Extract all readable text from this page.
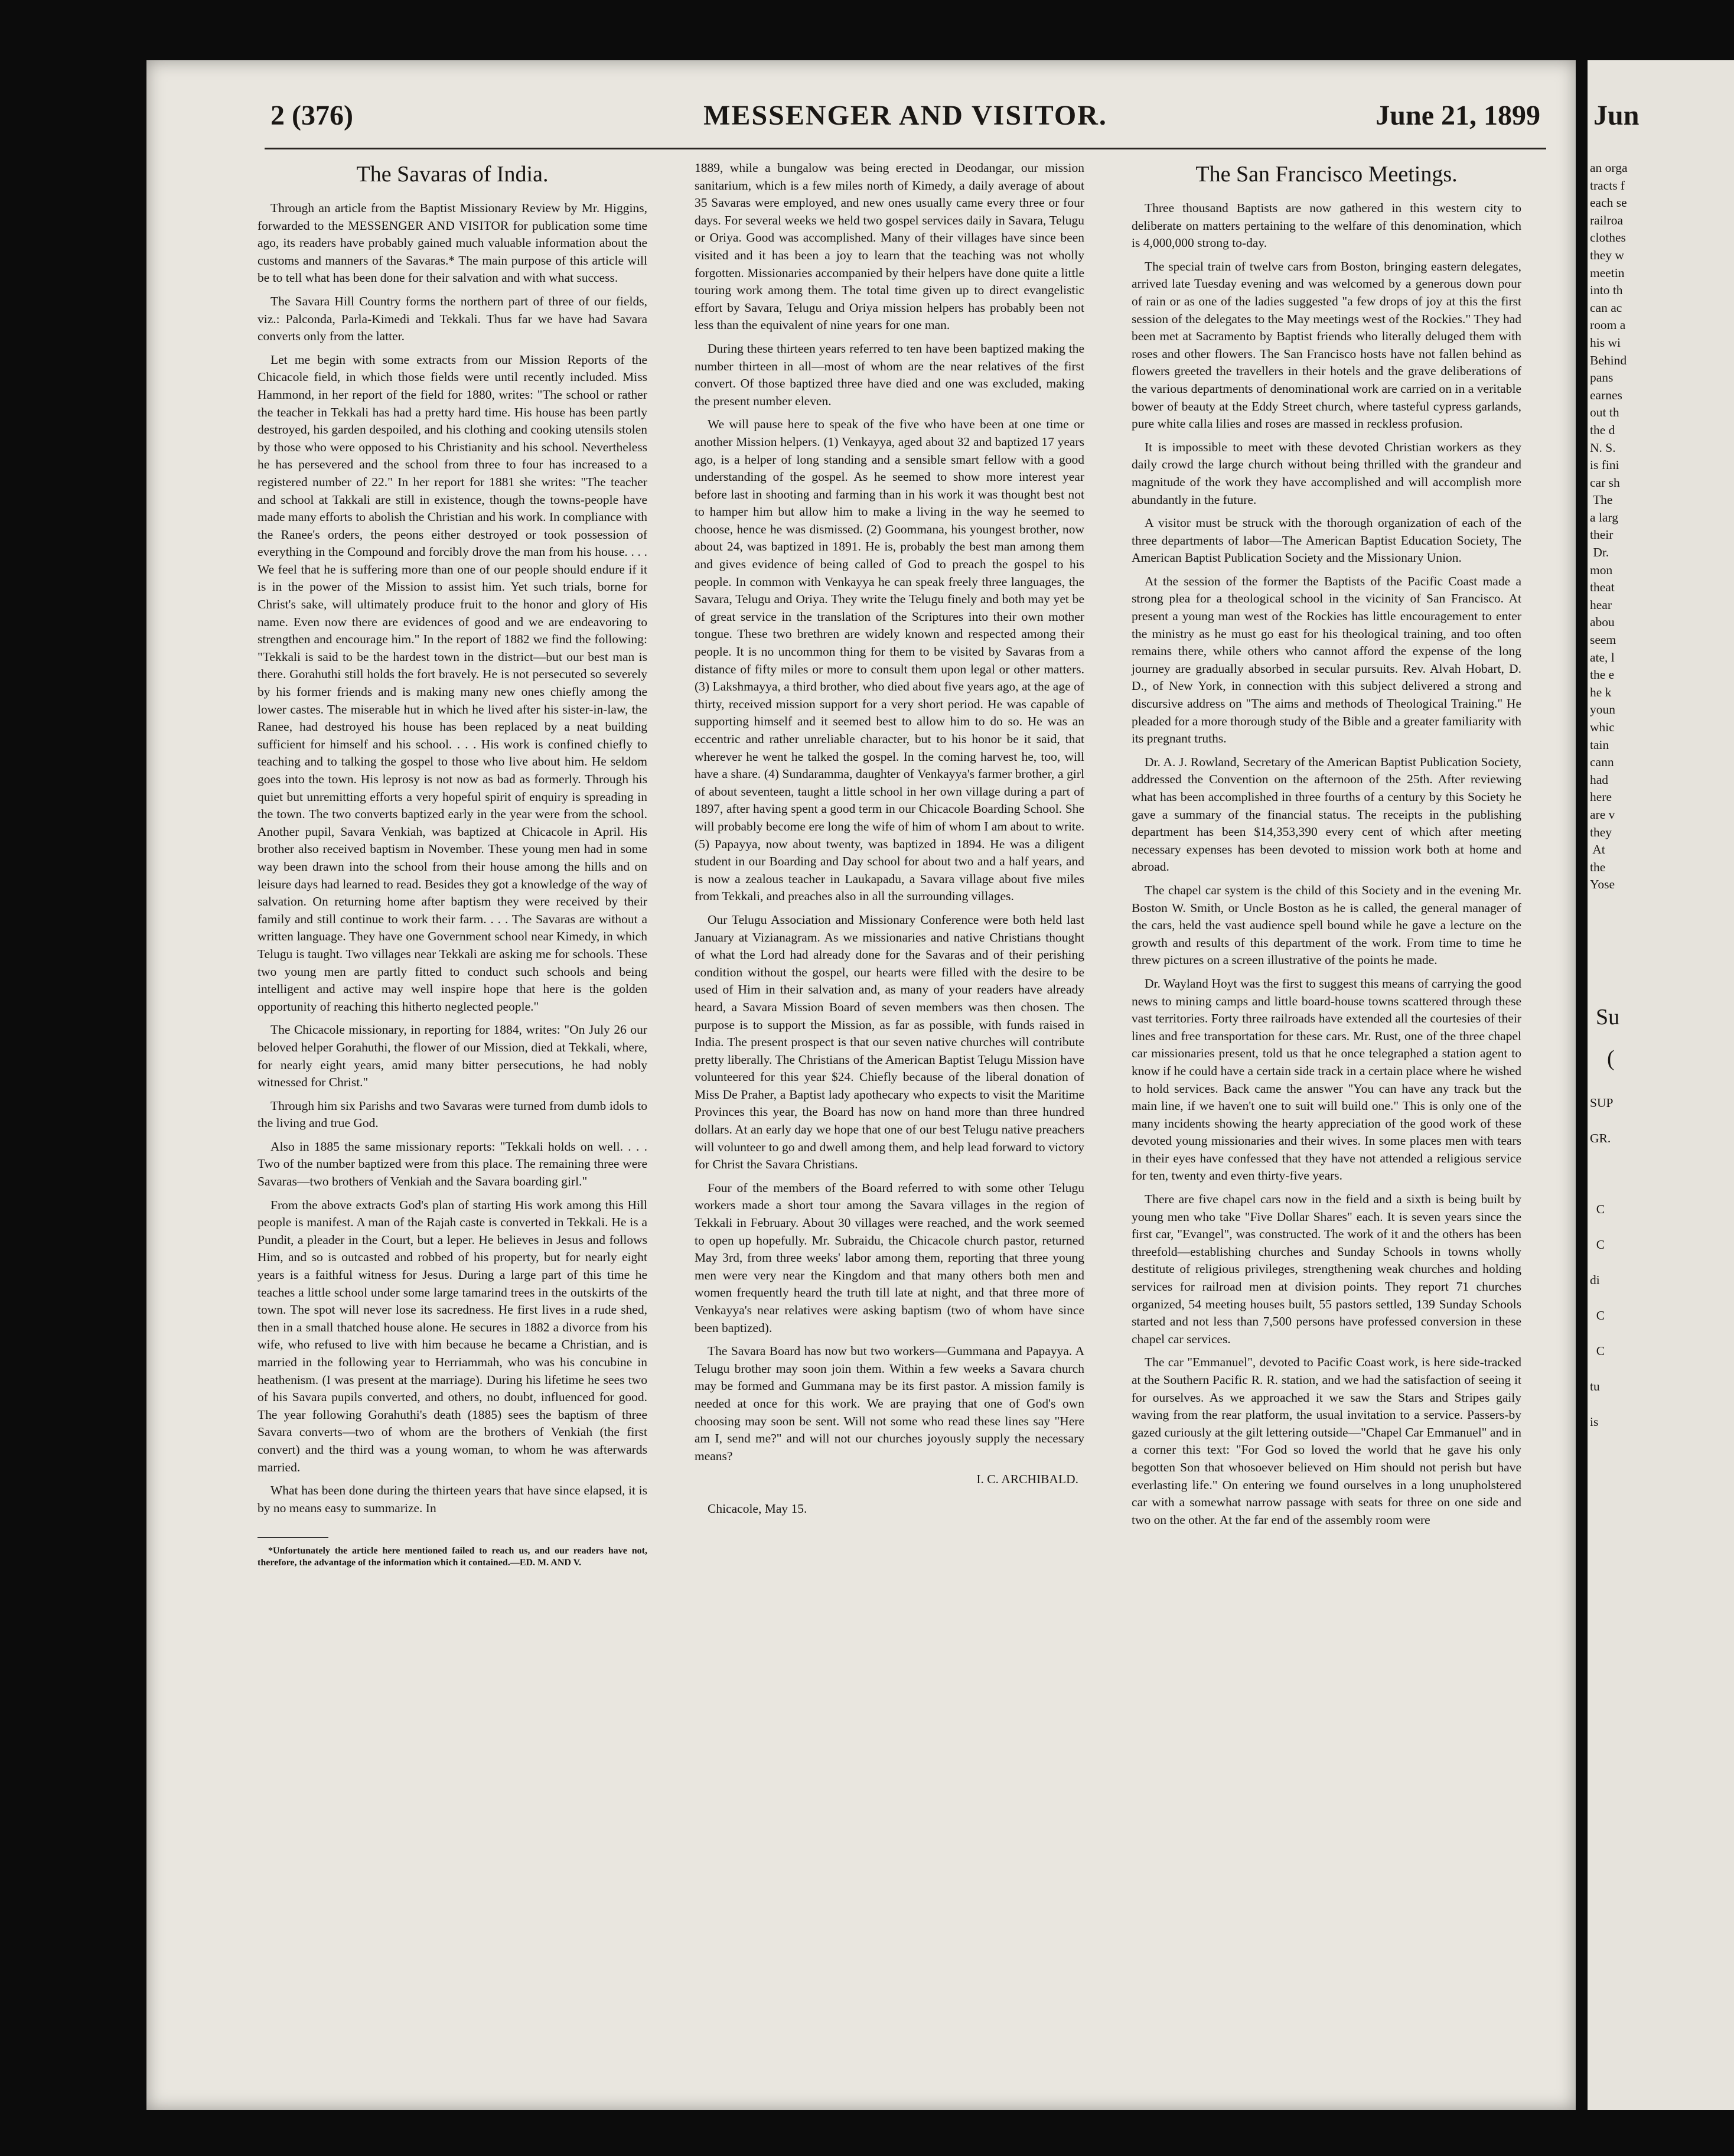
2 (376)	MESSENGER AND VISITOR.	June 21, 1899
The Savaras of India.

Through an article from the Baptist Missionary Review by Mr. Higgins, forwarded to the MESSENGER AND VISITOR for publication some time ago, its readers have probably gained much valuable information about the customs and manners of the Savaras.* The main purpose of this article will be to tell what has been done for their salvation and with what success.

The Savara Hill Country forms the northern part of three of our fields, viz.: Palconda, Parla-Kimedi and Tekkali. Thus far we have had Savara converts only from the latter.

Let me begin with some extracts from our Mission Reports of the Chicacole field, in which those fields were until recently included. Miss Hammond, in her report of the field for 1880, writes: "The school or rather the teacher in Tekkali has had a pretty hard time. His house has been partly destroyed, his garden despoiled, and his clothing and cooking utensils stolen by those who were opposed to his Christianity and his school. Nevertheless he has persevered and the school from three to four has increased to a registered number of 22." In her report for 1881 she writes: "The teacher and school at Takkali are still in existence, though the towns-people have made many efforts to abolish the Christian and his work. In compliance with the Ranee's orders, the peons either destroyed or took possession of everything in the Compound and forcibly drove the man from his house. . . . We feel that he is suffering more than one of our people should endure if it is in the power of the Mission to assist him. Yet such trials, borne for Christ's sake, will ultimately produce fruit to the honor and glory of His name. Even now there are evidences of good and we are endeavoring to strengthen and encourage him." In the report of 1882 we find the following: "Tekkali is said to be the hardest town in the district—but our best man is there. Gorahuthi still holds the fort bravely. He is not persecuted so severely by his former friends and is making many new ones chiefly among the lower castes. The miserable hut in which he lived after his sister-in-law, the Ranee, had destroyed his house has been replaced by a neat building sufficient for himself and his school. . . . His work is confined chiefly to teaching and to talking the gospel to those who live about him. He seldom goes into the town. His leprosy is not now as bad as formerly. Through his quiet but unremitting efforts a very hopeful spirit of enquiry is spreading in the town. The two converts baptized early in the year were from the school. Another pupil, Savara Venkiah, was baptized at Chicacole in April. His brother also received baptism in November. These young men had in some way been drawn into the school from their house among the hills and on leisure days had learned to read. Besides they got a knowledge of the way of salvation. On returning home after baptism they were received by their family and still continue to work their farm. . . . The Savaras are without a written language. They have one Government school near Kimedy, in which Telugu is taught. Two villages near Tekkali are asking me for schools. These two young men are partly fitted to conduct such schools and being intelligent and active may well inspire hope that here is the golden opportunity of reaching this hitherto neglected people."

The Chicacole missionary, in reporting for 1884, writes: "On July 26 our beloved helper Gorahuthi, the flower of our Mission, died at Tekkali, where, for nearly eight years, amid many bitter persecutions, he had nobly witnessed for Christ."

Through him six Parishs and two Savaras were turned from dumb idols to the living and true God.

Also in 1885 the same missionary reports: "Tekkali holds on well. . . . Two of the number baptized were from this place. The remaining three were Savaras—two brothers of Venkiah and the Savara boarding girl."

From the above extracts God's plan of starting His work among this Hill people is manifest. A man of the Rajah caste is converted in Tekkali. He is a Pundit, a pleader in the Court, but a leper. He believes in Jesus and follows Him, and so is outcasted and robbed of his property, but for nearly eight years is a faithful witness for Jesus. During a large part of this time he teaches a little school under some large tamarind trees in the outskirts of the town. The spot will never lose its sacredness. He first lives in a rude shed, then in a small thatched house alone. He secures in 1882 a divorce from his wife, who refused to live with him because he became a Christian, and is married in the following year to Herriammah, who was his concubine in heathenism. (I was present at the marriage). During his lifetime he sees two of his Savara pupils converted, and others, no doubt, influenced for good. The year following Gorahuthi's death (1885) sees the baptism of three Savara converts—two of whom are the brothers of Venkiah (the first convert) and the third was a young woman, to whom he was afterwards married.

What has been done during the thirteen years that have since elapsed, it is by no means easy to summarize. In

*Unfortunately the article here mentioned failed to reach us, and our readers have not, therefore, the advantage of the information which it contained.—ED. M. AND V.

1889, while a bungalow was being erected in Deodangar, our mission sanitarium, which is a few miles north of Kimedy, a daily average of about 35 Savaras were employed, and new ones usually came every three or four days. For several weeks we held two gospel services daily in Savara, Telugu or Oriya. Good was accomplished. Many of their villages have since been visited and it has been a joy to learn that the teaching was not wholly forgotten. Missionaries accompanied by their helpers have done quite a little touring work among them. The total time given up to direct evangelistic effort by Savara, Telugu and Oriya mission helpers has probably been not less than the equivalent of nine years for one man.

During these thirteen years referred to ten have been baptized making the number thirteen in all—most of whom are the near relatives of the first convert. Of those baptized three have died and one was excluded, making the present number eleven.

We will pause here to speak of the five who have been at one time or another Mission helpers. (1) Venkayya, aged about 32 and baptized 17 years ago, is a helper of long standing and a sensible smart fellow with a good understanding of the gospel. As he seemed to show more interest year before last in shooting and farming than in his work it was thought best not to hamper him but allow him to make a living in the way he seemed to choose, hence he was dismissed. (2) Goommana, his youngest brother, now about 24, was baptized in 1891. He is, probably the best man among them and gives evidence of being called of God to preach the gospel to his people. In common with Venkayya he can speak freely three languages, the Savara, Telugu and Oriya. They write the Telugu finely and both may yet be of great service in the translation of the Scriptures into their own mother tongue. These two brethren are widely known and respected among their people. It is no uncommon thing for them to be visited by Savaras from a distance of fifty miles or more to consult them upon legal or other matters. (3) Lakshmayya, a third brother, who died about five years ago, at the age of thirty, received mission support for a very short period. He was capable of supporting himself and it seemed best to allow him to do so. He was an eccentric and rather unreliable character, but to his honor be it said, that wherever he went he talked the gospel. In the coming harvest he, too, will have a share. (4) Sundaramma, daughter of Venkayya's farmer brother, a girl of about seventeen, taught a little school in her own village during a part of 1897, after having spent a good term in our Chicacole Boarding School. She will probably become ere long the wife of him of whom I am about to write. (5) Papayya, now about twenty, was baptized in 1894. He was a diligent student in our Boarding and Day school for about two and a half years, and is now a zealous teacher in Laukapadu, a Savara village about five miles from Tekkali, and preaches also in all the surrounding villages.

Our Telugu Association and Missionary Conference were both held last January at Vizianagram. As we missionaries and native Christians thought of what the Lord had already done for the Savaras and of their perishing condition without the gospel, our hearts were filled with the desire to be used of Him in their salvation and, as many of your readers have already heard, a Savara Mission Board of seven members was then chosen. The purpose is to support the Mission, as far as possible, with funds raised in India. The present prospect is that our seven native churches will contribute pretty liberally. The Christians of the American Baptist Telugu Mission have volunteered for this year $24. Chiefly because of the liberal donation of Miss De Praher, a Baptist lady apothecary who expects to visit the Maritime Provinces this year, the Board has now on hand more than three hundred dollars. At an early day we hope that one of our best Telugu native preachers will volunteer to go and dwell among them, and help lead forward to victory for Christ the Savara Christians.

Four of the members of the Board referred to with some other Telugu workers made a short tour among the Savara villages in the region of Tekkali in February. About 30 villages were reached, and the work seemed to open up hopefully. Mr. Subraidu, the Chicacole church pastor, returned May 3rd, from three weeks' labor among them, reporting that three young men were very near the Kingdom and that many others both men and women frequently heard the truth till late at night, and that three more of Venkayya's near relatives were asking baptism (two of whom have since been baptized).

The Savara Board has now but two workers—Gummana and Papayya. A Telugu brother may soon join them. Within a few weeks a Savara church may be formed and Gummana may be its first pastor. A mission family is needed at once for this work. We are praying that one of God's own choosing may soon be sent. Will not some who read these lines say "Here am I, send me?" and will not our churches joyously supply the necessary means?

I. C. ARCHIBALD.
Chicacole, May 15.
The San Francisco Meetings.

Three thousand Baptists are now gathered in this western city to deliberate on matters pertaining to the welfare of this denomination, which is 4,000,000 strong to-day.

The special train of twelve cars from Boston, bringing eastern delegates, arrived late Tuesday evening and was welcomed by a generous down pour of rain or as one of the ladies suggested "a few drops of joy at this the first session of the delegates to the May meetings west of the Rockies." They had been met at Sacramento by Baptist friends who literally deluged them with roses and other flowers. The San Francisco hosts have not fallen behind as flowers greeted the travellers in their hotels and the grave deliberations of the various departments of denominational work are carried on in a veritable bower of beauty at the Eddy Street church, where tasteful cypress garlands, pure white calla lilies and roses are massed in reckless profusion.

It is impossible to meet with these devoted Christian workers as they daily crowd the large church without being thrilled with the grandeur and magnitude of the work they have accomplished and will accomplish more abundantly in the future.

A visitor must be struck with the thorough organization of each of the three departments of labor—The American Baptist Education Society, The American Baptist Publication Society and the Missionary Union.

At the session of the former the Baptists of the Pacific Coast made a strong plea for a theological school in the vicinity of San Francisco. At present a young man west of the Rockies has little encouragement to enter the ministry as he must go east for his theological training, and too often remains there, while others who cannot afford the expense of the long journey are gradually absorbed in secular pursuits. Rev. Alvah Hobart, D. D., of New York, in connection with this subject delivered a strong and discursive address on "The aims and methods of Theological Training." He pleaded for a more thorough study of the Bible and a greater familiarity with its pregnant truths.

Dr. A. J. Rowland, Secretary of the American Baptist Publication Society, addressed the Convention on the afternoon of the 25th. After reviewing what has been accomplished in three fourths of a century by this Society he gave a summary of the financial status. The receipts in the publishing department has been $14,353,390 every cent of which after meeting necessary expenses has been devoted to mission work both at home and abroad.

The chapel car system is the child of this Society and in the evening Mr. Boston W. Smith, or Uncle Boston as he is called, the general manager of the cars, held the vast audience spell bound while he gave a lecture on the growth and results of this department of the work. From time to time he threw pictures on a screen illustrative of the points he made.

Dr. Wayland Hoyt was the first to suggest this means of carrying the good news to mining camps and little board-house towns scattered through these vast territories. Forty three railroads have extended all the courtesies of their lines and free transportation for these cars. Mr. Rust, one of the three chapel car missionaries present, told us that he once telegraphed a station agent to know if he could have a certain side track in a certain place where he wished to hold services. Back came the answer "You can have any track but the main line, if we haven't one to suit will build one." This is only one of the many incidents showing the hearty appreciation of the good work of these devoted young missionaries and their wives. In some places men with tears in their eyes have confessed that they have not attended a religious service for ten, twenty and even thirty-five years.

There are five chapel cars now in the field and a sixth is being built by young men who take "Five Dollar Shares" each. It is seven years since the first car, "Evangel", was constructed. The work of it and the others has been threefold—establishing churches and Sunday Schools in towns wholly destitute of religious privileges, strengthening weak churches and holding services for railroad men at division points. They report 71 churches organized, 54 meeting houses built, 55 pastors settled, 139 Sunday Schools started and not less than 7,500 persons have professed conversion in these chapel car services.

The car "Emmanuel", devoted to Pacific Coast work, is here side-tracked at the Southern Pacific R. R. station, and we had the satisfaction of seeing it for ourselves. As we approached it we saw the Stars and Stripes gaily waving from the rear platform, the usual invitation to a service. Passers-by gazed curiously at the gilt lettering outside—"Chapel Car Emmanuel" and in a corner this text: "For God so loved the world that he gave his only begotten Son that whosoever believed on Him should not perish but have everlasting life." On entering we found ourselves in a long unupholstered car with a somewhat narrow passage with seats for three on one side and two on the other. At the far end of the assembly room were

Jun
an orga
tracts f
each se
railroa
clothes
they w
meetin
into th
can ac
room a
his wi
Behind
pans
earnes
out th
the d
N. S.
is fini
car sh
The
a larg
their
Dr.
mon
theat
hear
abou
seem
ate, l
the e
he k
youn
whic
tain
cann
had
here
are v
they
At
the
Yose
Su
(
SUP
GR.

C
C
di
C
C
tu
is
